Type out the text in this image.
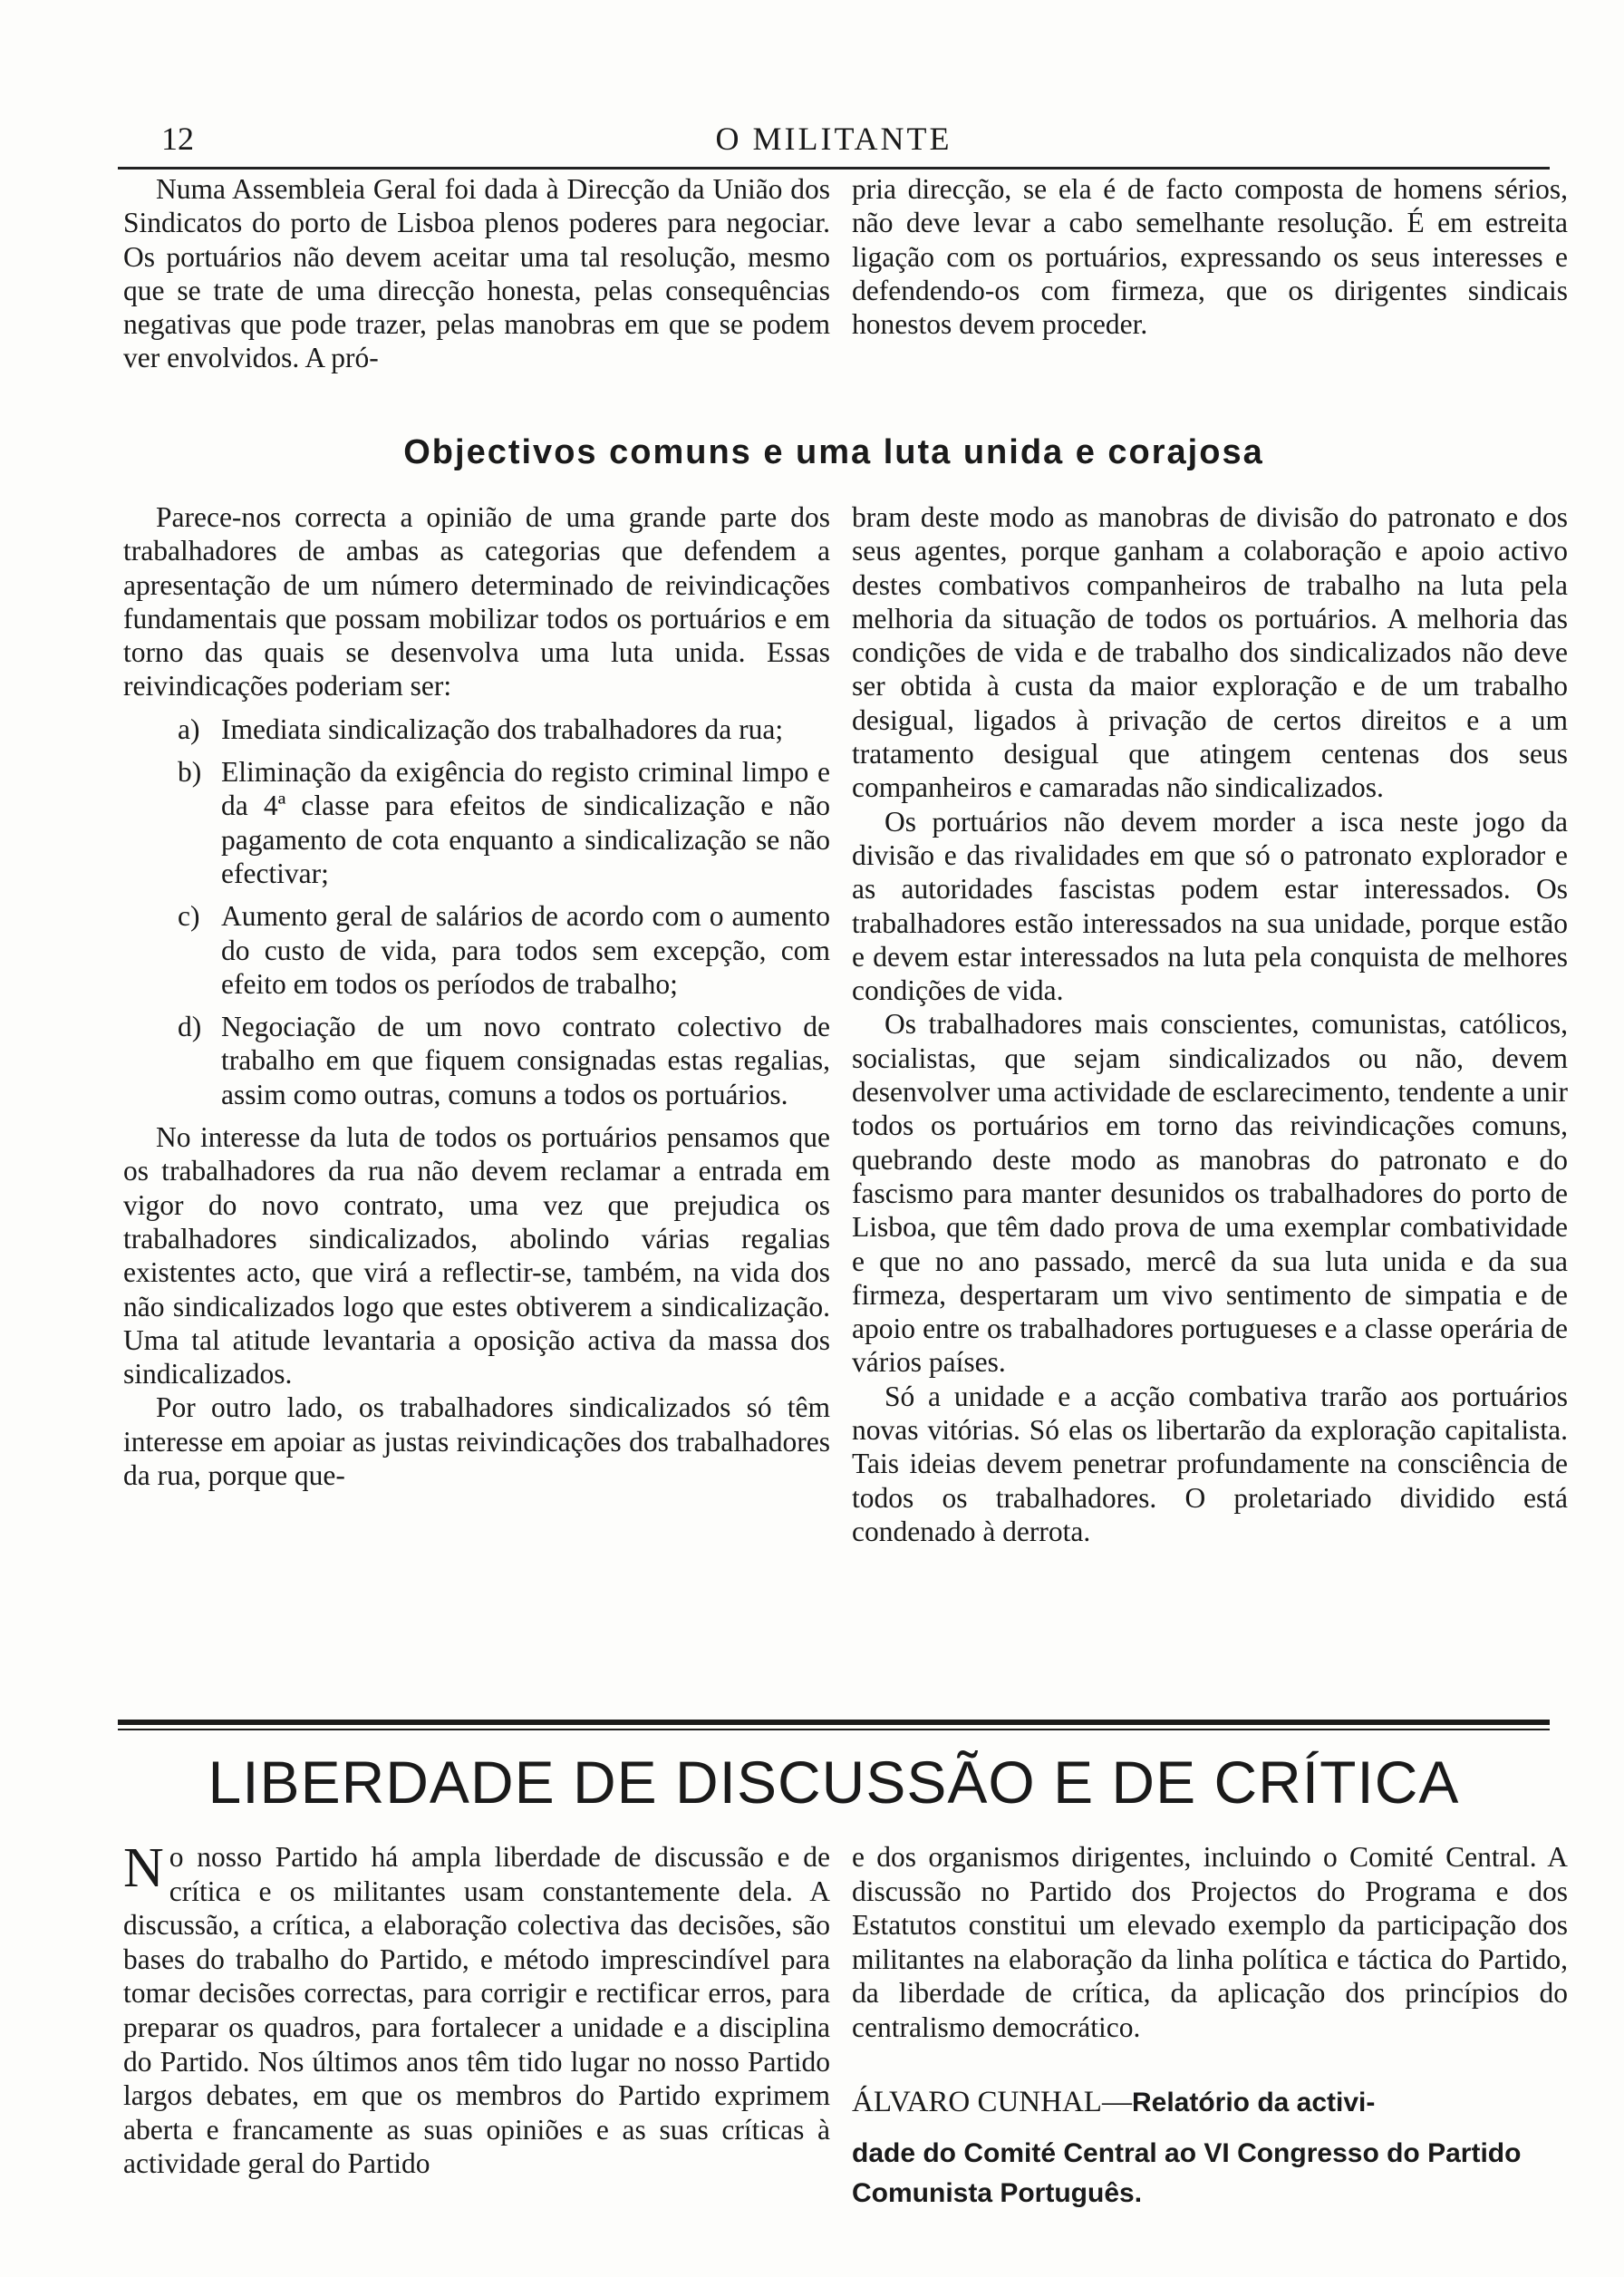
12	O MILITANTE

Numa Assembleia Geral foi dada à Direcção da União dos Sindicatos do porto de Lisboa plenos poderes para negociar. Os portuários não devem aceitar uma tal resolução, mesmo que se trate de uma direcção honesta, pelas consequências negativas que pode trazer, pelas manobras em que se podem ver envolvidos. A pró-

pria direcção, se ela é de facto composta de homens sérios, não deve levar a cabo semelhante resolução. É em estreita ligação com os portuários, expressando os seus interesses e defendendo-os com firmeza, que os dirigentes sindicais honestos devem proceder.

Objectivos comuns e uma luta unida e corajosa

Parece-nos correcta a opinião de uma grande parte dos trabalhadores de ambas as categorias que defendem a apresentação de um número determinado de reivindicações fundamentais que possam mobilizar todos os portuários e em torno das quais se desenvolva uma luta unida. Essas reivindicações poderiam ser:

a) Imediata sindicalização dos trabalhadores da rua;
b) Eliminação da exigência do registo criminal limpo e da 4ª classe para efeitos de sindicalização e não pagamento de cota enquanto a sindicalização se não efectivar;
c) Aumento geral de salários de acordo com o aumento do custo de vida, para todos sem excepção, com efeito em todos os períodos de trabalho;
d) Negociação de um novo contrato colectivo de trabalho em que fiquem consignadas estas regalias, assim como outras, comuns a todos os portuários.

No interesse da luta de todos os portuários pensamos que os trabalhadores da rua não devem reclamar a entrada em vigor do novo contrato, uma vez que prejudica os trabalhadores sindicalizados, abolindo várias regalias existentes acto, que virá a reflectir-se, também, na vida dos não sindicalizados logo que estes obtiverem a sindicalização. Uma tal atitude levantaria a oposição activa da massa dos sindicalizados.

Por outro lado, os trabalhadores sindicalizados só têm interesse em apoiar as justas reivindicações dos trabalhadores da rua, porque que-

bram deste modo as manobras de divisão do patronato e dos seus agentes, porque ganham a colaboração e apoio activo destes combativos companheiros de trabalho na luta pela melhoria da situação de todos os portuários. A melhoria das condições de vida e de trabalho dos sindicalizados não deve ser obtida à custa da maior exploração e de um trabalho desigual, ligados à privação de certos direitos e a um tratamento desigual que atingem centenas dos seus companheiros e camaradas não sindicalizados.

Os portuários não devem morder a isca neste jogo da divisão e das rivalidades em que só o patronato explorador e as autoridades fascistas podem estar interessados. Os trabalhadores estão interessados na sua unidade, porque estão e devem estar interessados na luta pela conquista de melhores condições de vida.

Os trabalhadores mais conscientes, comunistas, católicos, socialistas, que sejam sindicalizados ou não, devem desenvolver uma actividade de esclarecimento, tendente a unir todos os portuários em torno das reivindicações comuns, quebrando deste modo as manobras do patronato e do fascismo para manter desunidos os trabalhadores do porto de Lisboa, que têm dado prova de uma exemplar combatividade e que no ano passado, mercê da sua luta unida e da sua firmeza, despertaram um vivo sentimento de simpatia e de apoio entre os trabalhadores portugueses e a classe operária de vários países.

Só a unidade e a acção combativa trarão aos portuários novas vitórias. Só elas os libertarão da exploração capitalista. Tais ideias devem penetrar profundamente na consciência de todos os trabalhadores. O proletariado dividido está condenado à derrota.

LIBERDADE DE DISCUSSÃO E DE CRÍTICA

No nosso Partido há ampla liberdade de discussão e de crítica e os militantes usam constantemente dela. A discussão, a crítica, a elaboração colectiva das decisões, são bases do trabalho do Partido, e método imprescindível para tomar decisões correctas, para corrigir e rectificar erros, para preparar os quadros, para fortalecer a unidade e a disciplina do Partido. Nos últimos anos têm tido lugar no nosso Partido largos debates, em que os membros do Partido exprimem aberta e francamente as suas opiniões e as suas críticas à actividade geral do Partido

e dos organismos dirigentes, incluindo o Comité Central. A discussão no Partido dos Projectos do Programa e dos Estatutos constitui um elevado exemplo da participação dos militantes na elaboração da linha política e táctica do Partido, da liberdade de crítica, da aplicação dos princípios do centralismo democrático.

ÁLVARO CUNHAL—Relatório da activi-
dade do Comité Central ao VI Congresso do Partido Comunista Português.
